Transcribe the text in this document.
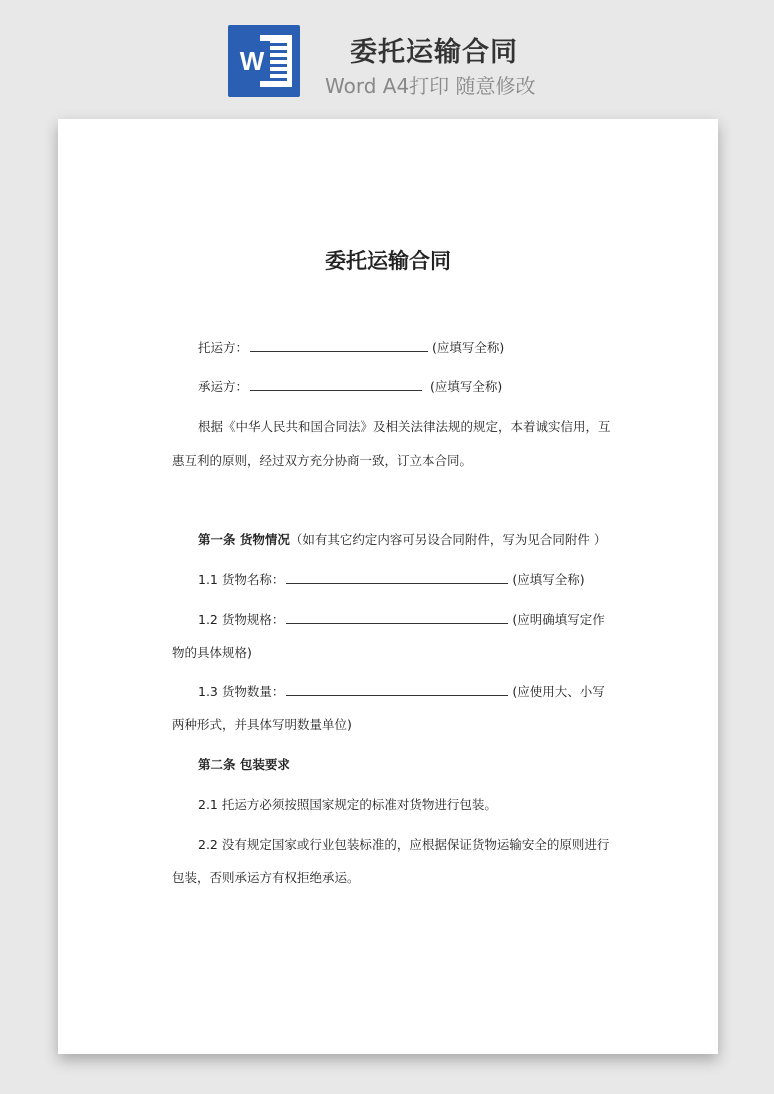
W	委托运输合同
Word A4打印 随意修改
委托运输合同
托运方：	(应填写全称)
承运方：	(应填写全称)
根据《中华人民共和国合同法》及相关法律法规的规定，本着诚实信用，互
惠互利的原则，经过双方充分协商一致，订立本合同。
第一条 货物情况（如有其它约定内容可另设合同附件，写为见合同附件 ）
1.1 货物名称：	(应填写全称)
1.2 货物规格：	(应明确填写定作
物的具体规格)
1.3 货物数量：	(应使用大、小写
两种形式，并具体写明数量单位)
第二条 包装要求
2.1 托运方必须按照国家规定的标准对货物进行包装。
2.2 没有规定国家或行业包装标准的，应根据保证货物运输安全的原则进行
包装，否则承运方有权拒绝承运。
